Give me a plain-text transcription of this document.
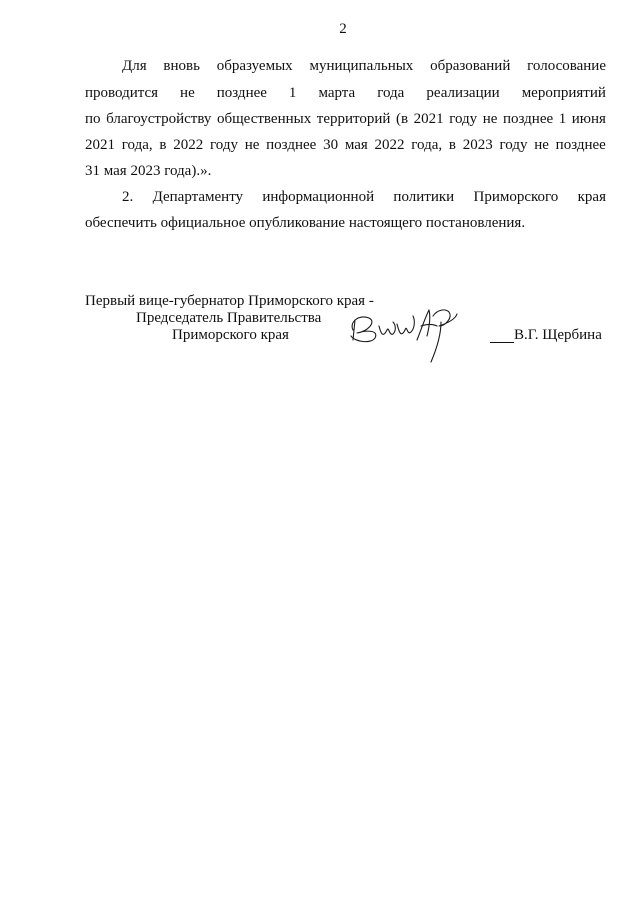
2
Для вновь образуемых муниципальных образований голосование
проводится не позднее 1 марта года реализации мероприятий
по благоустройству общественных территорий (в 2021 году не позднее 1 июня
2021 года, в 2022 году не позднее 30 мая 2022 года, в 2023 году не позднее
31 мая 2023 года).».
2. Департаменту информационной политики Приморского края
обеспечить официальное опубликование настоящего постановления.
Первый вице-губернатор Приморского края -
Председатель Правительства
Приморского края	В.Г. Щербина
